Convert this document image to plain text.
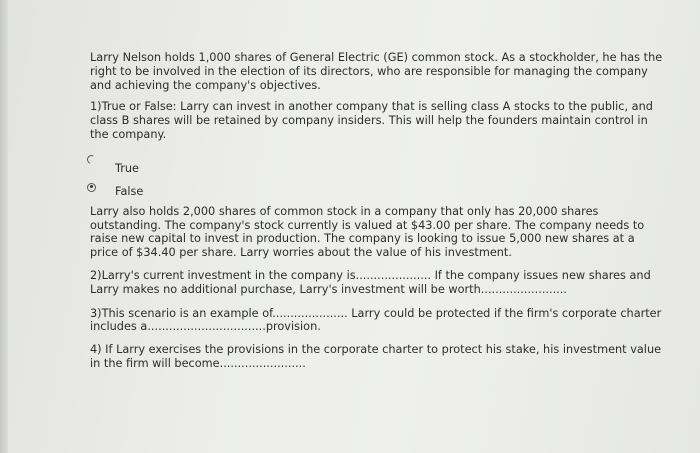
Larry Nelson holds 1,000 shares of General Electric (GE) common stock. As a stockholder, he has the right to be involved in the election of its directors, who are responsible for managing the company and achieving the company's objectives.

1)True or False: Larry can invest in another company that is selling class A stocks to the public, and class B shares will be retained by company insiders. This will help the founders maintain control in the company.

True
False

Larry also holds 2,000 shares of common stock in a company that only has 20,000 shares outstanding. The company's stock currently is valued at $43.00 per share. The company needs to raise new capital to invest in production. The company is looking to issue 5,000 new shares at a price of $34.40 per share. Larry worries about the value of his investment.

2)Larry's current investment in the company is..................... If the company issues new shares and Larry makes no additional purchase, Larry's investment will be worth........................

3)This scenario is an example of..................... Larry could be protected if the firm's corporate charter includes a.................................provision.

4) If Larry exercises the provisions in the corporate charter to protect his stake, his investment value in the firm will become........................
